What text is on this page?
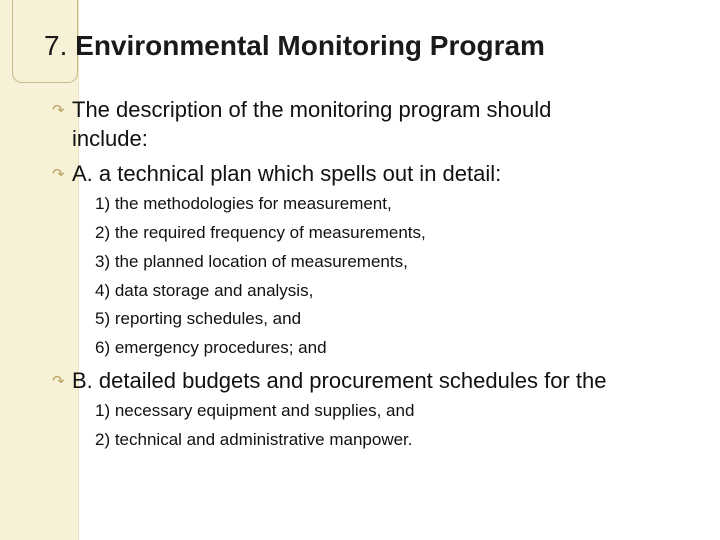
7. Environmental Monitoring Program
↷ The description of the monitoring program should
include:
↷ A. a technical plan which spells out in detail:
1) the methodologies for measurement,
2) the required frequency of measurements,
3) the planned location of measurements,
4) data storage and analysis,
5) reporting schedules, and
6) emergency procedures; and
↷ B. detailed budgets and procurement schedules for the
1) necessary equipment and supplies, and
2) technical and administrative manpower.
